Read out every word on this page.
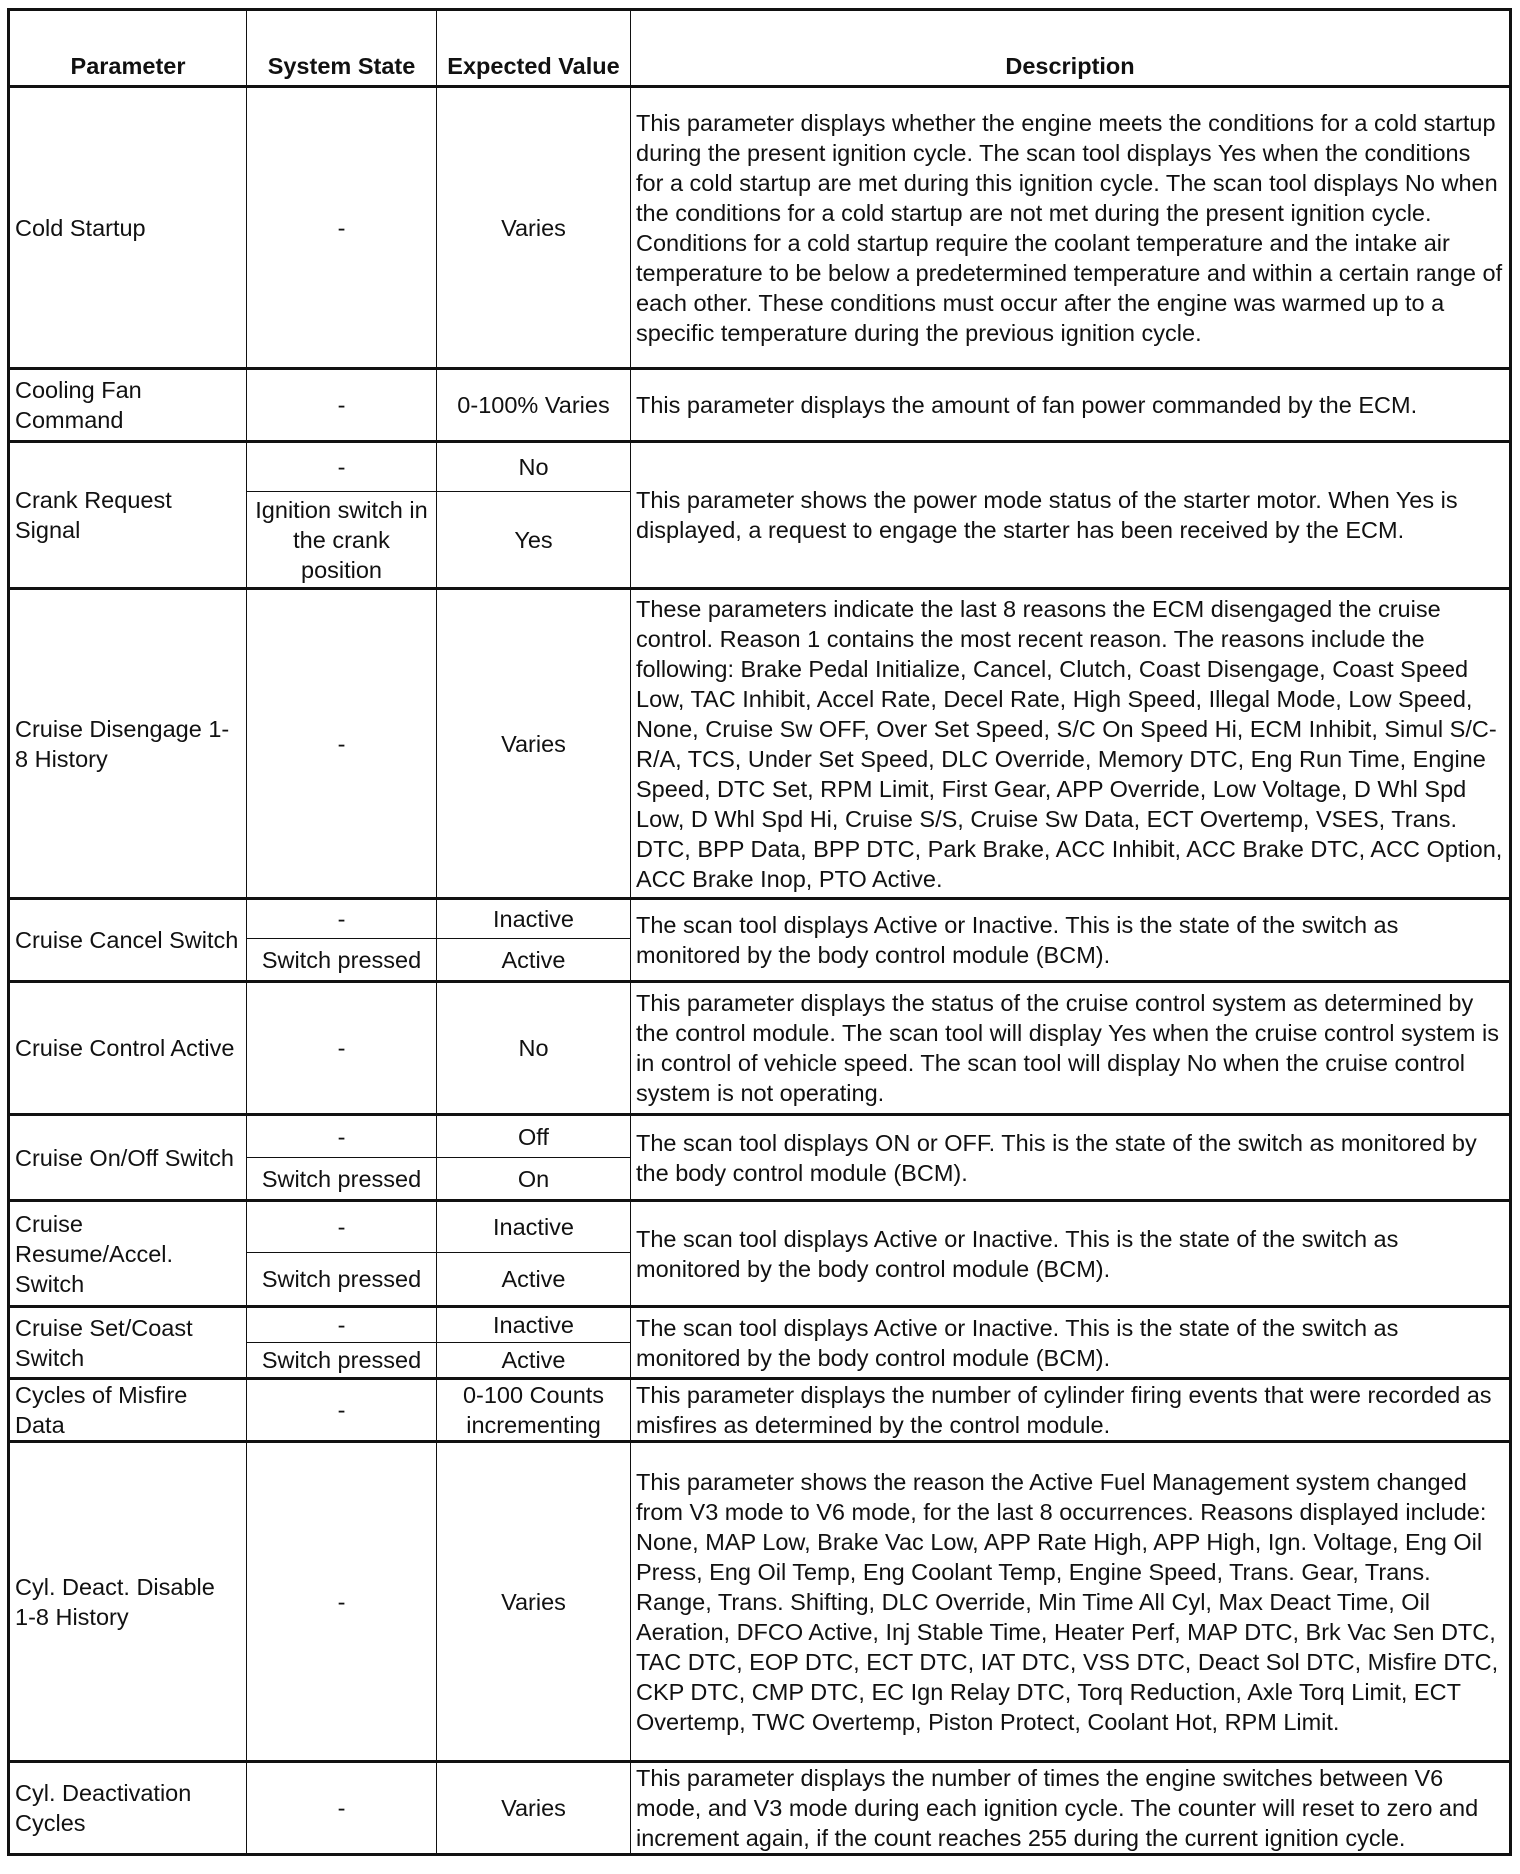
Parameter	System State	Expected Value	Description
Cold Startup	-	Varies	This parameter displays whether the engine meets the conditions for a cold startup during the present ignition cycle. The scan tool displays Yes when the conditions for a cold startup are met during this ignition cycle. The scan tool displays No when the conditions for a cold startup are not met during the present ignition cycle. Conditions for a cold startup require the coolant temperature and the intake air temperature to be below a predetermined temperature and within a certain range of each other. These conditions must occur after the engine was warmed up to a specific temperature during the previous ignition cycle.
Cooling Fan Command	-	0-100% Varies	This parameter displays the amount of fan power commanded by the ECM.
Crank Request Signal	-	No	This parameter shows the power mode status of the starter motor. When Yes is displayed, a request to engage the starter has been received by the ECM.
	Ignition switch in the crank position	Yes	
Cruise Disengage 1-8 History	-	Varies	These parameters indicate the last 8 reasons the ECM disengaged the cruise control. Reason 1 contains the most recent reason. The reasons include the following: Brake Pedal Initialize, Cancel, Clutch, Coast Disengage, Coast Speed Low, TAC Inhibit, Accel Rate, Decel Rate, High Speed, Illegal Mode, Low Speed, None, Cruise Sw OFF, Over Set Speed, S/C On Speed Hi, ECM Inhibit, Simul S/C-R/A, TCS, Under Set Speed, DLC Override, Memory DTC, Eng Run Time, Engine Speed, DTC Set, RPM Limit, First Gear, APP Override, Low Voltage, D Whl Spd Low, D Whl Spd Hi, Cruise S/S, Cruise Sw Data, ECT Overtemp, VSES, Trans. DTC, BPP Data, BPP DTC, Park Brake, ACC Inhibit, ACC Brake DTC, ACC Option, ACC Brake Inop, PTO Active.
Cruise Cancel Switch	-	Inactive	The scan tool displays Active or Inactive. This is the state of the switch as monitored by the body control module (BCM).
	Switch pressed	Active	
Cruise Control Active	-	No	This parameter displays the status of the cruise control system as determined by the control module. The scan tool will display Yes when the cruise control system is in control of vehicle speed. The scan tool will display No when the cruise control system is not operating.
Cruise On/Off Switch	-	Off	The scan tool displays ON or OFF. This is the state of the switch as monitored by the body control module (BCM).
	Switch pressed	On	
Cruise Resume/Accel. Switch	-	Inactive	The scan tool displays Active or Inactive. This is the state of the switch as monitored by the body control module (BCM).
	Switch pressed	Active	
Cruise Set/Coast Switch	-	Inactive	The scan tool displays Active or Inactive. This is the state of the switch as monitored by the body control module (BCM).
	Switch pressed	Active	
Cycles of Misfire Data	-	0-100 Counts incrementing	This parameter displays the number of cylinder firing events that were recorded as misfires as determined by the control module.
Cyl. Deact. Disable 1-8 History	-	Varies	This parameter shows the reason the Active Fuel Management system changed from V3 mode to V6 mode, for the last 8 occurrences. Reasons displayed include: None, MAP Low, Brake Vac Low, APP Rate High, APP High, Ign. Voltage, Eng Oil Press, Eng Oil Temp, Eng Coolant Temp, Engine Speed, Trans. Gear, Trans. Range, Trans. Shifting, DLC Override, Min Time All Cyl, Max Deact Time, Oil Aeration, DFCO Active, Inj Stable Time, Heater Perf, MAP DTC, Brk Vac Sen DTC, TAC DTC, EOP DTC, ECT DTC, IAT DTC, VSS DTC, Deact Sol DTC, Misfire DTC, CKP DTC, CMP DTC, EC Ign Relay DTC, Torq Reduction, Axle Torq Limit, ECT Overtemp, TWC Overtemp, Piston Protect, Coolant Hot, RPM Limit.
Cyl. Deactivation Cycles	-	Varies	This parameter displays the number of times the engine switches between V6 mode, and V3 mode during each ignition cycle. The counter will reset to zero and increment again, if the count reaches 255 during the current ignition cycle.
